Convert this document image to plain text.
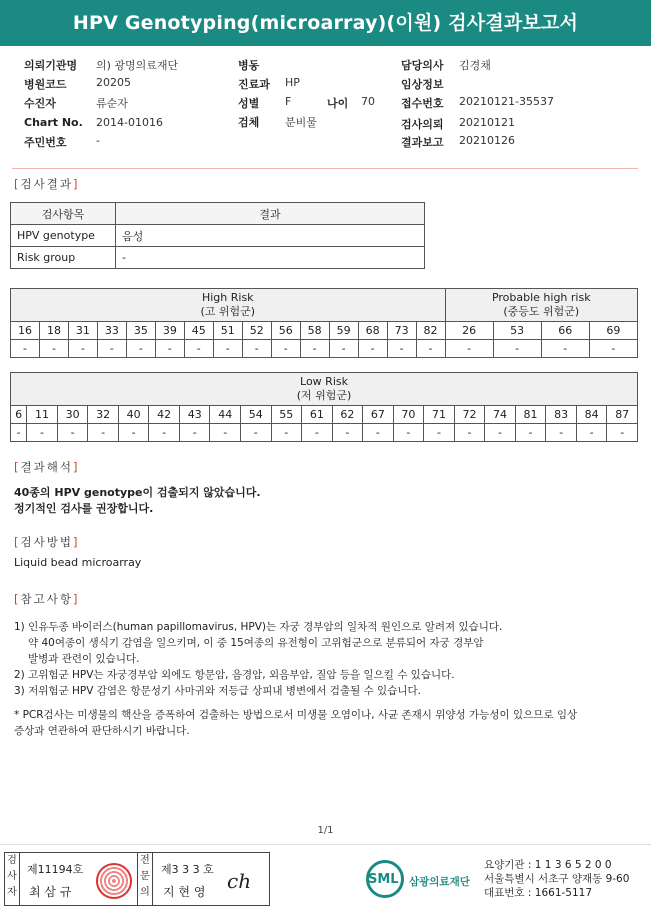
HPV Genotyping(microarray)(이원) 검사결과보고서
의뢰기관명 의) 광명의료재단
병원코드	20205
수진자	류순자
Chart No. 2014-01016
주민번호	-
병동
진료과 HP
성별 F	나이 70
검체 분비물
담당의사 김경채
임상정보
접수번호 20210121-35537
검사의뢰 20210121
결과보고 20210126
[검사결과]
검사항목	결과
HPV genotype	음성
Risk group	-
High Risk
(고 위험군)															Probable high risk
(중등도 위험군)			
16	18	31	33	35	39	45	51	52	56	58	59	68	73	82	26	53	66	69
-	-	-	-	-	-	-	-	-	-	-	-	-	-	-	-	-	-	-
Low Risk
(저 위험군)																				
6	11	30	32	40	42	43	44	54	55	61	62	67	70	71	72	74	81	83	84	87
-	-	-	-	-	-	-	-	-	-	-	-	-	-	-	-	-	-	-	-	-
[결과해석]
40종의 HPV genotype이 검출되지 않았습니다.
정기적인 검사를 권장합니다.
[검사방법]
Liquid bead microarray
[참고사항]
1) 인유두종 바이러스(human papillomavirus, HPV)는 자궁 경부암의 일차적 원인으로 알려져 있습니다.
약 40여종이 생식기 감염을 일으키며, 이 중 15여종의 유전형이 고위험군으로 분류되어 자궁 경부암
발병과 관련이 있습니다.
2) 고위험군 HPV는 자궁경부암 외에도 항문암, 음경암, 외음부암, 질암 등을 일으킬 수 있습니다.
3) 저위험군 HPV 감염은 항문성기 사마귀와 저등급 상피내 병변에서 검출될 수 있습니다.
* PCR검사는 미생물의 핵산을 증폭하여 검출하는 방법으로서 미생물 오염이나, 사균 존재시 위양성 가능성이 있으므로 임상
증상과 연관하여 판단하시기 바랍니다.
1/1
검
사
자
제11194호
최 삼 규
전
문
의
제3 3 3 호
지 현 영 ch	SML 삼광의료재단
요양기관 : 1 1 3 6 5 2 0 0
서울특별시 서초구 양재동 9-60
대표번호 : 1661-5117
